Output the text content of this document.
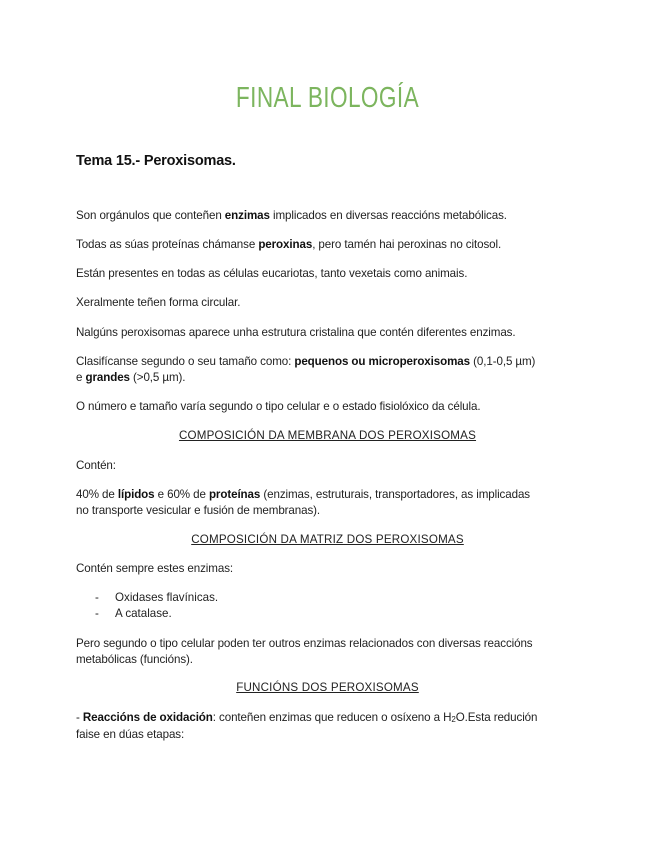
FINAL BIOLOGÍA
Tema 15.- Peroxisomas.

Son orgánulos que conteñen enzimas implicados en diversas reaccións metabólicas.

Todas as súas proteínas chámanse peroxinas, pero tamén hai peroxinas no citosol.

Están presentes en todas as células eucariotas, tanto vexetais como animais.

Xeralmente teñen forma circular.

Nalgúns peroxisomas aparece unha estrutura cristalina que contén diferentes enzimas.

Clasifícanse segundo o seu tamaño como: pequenos ou microperoxisomas (0,1-0,5 µm)
e grandes (>0,5 µm).

O número e tamaño varía segundo o tipo celular e o estado fisiolóxico da célula.

COMPOSICIÓN DA MEMBRANA DOS PEROXISOMAS

Contén:

40% de lípidos e 60% de proteínas (enzimas, estruturais, transportadores, as implicadas
no transporte vesicular e fusión de membranas).

COMPOSICIÓN DA MATRIZ DOS PEROXISOMAS

Contén sempre estes enzimas:

- Oxidases flavínicas.

- A catalase.

Pero segundo o tipo celular poden ter outros enzimas relacionados con diversas reaccións
metabólicas (funcións).

FUNCIÓNS DOS PEROXISOMAS

- Reaccións de oxidación: conteñen enzimas que reducen o osíxeno a $H_2O.Esta$ redución
faise en dúas etapas:
